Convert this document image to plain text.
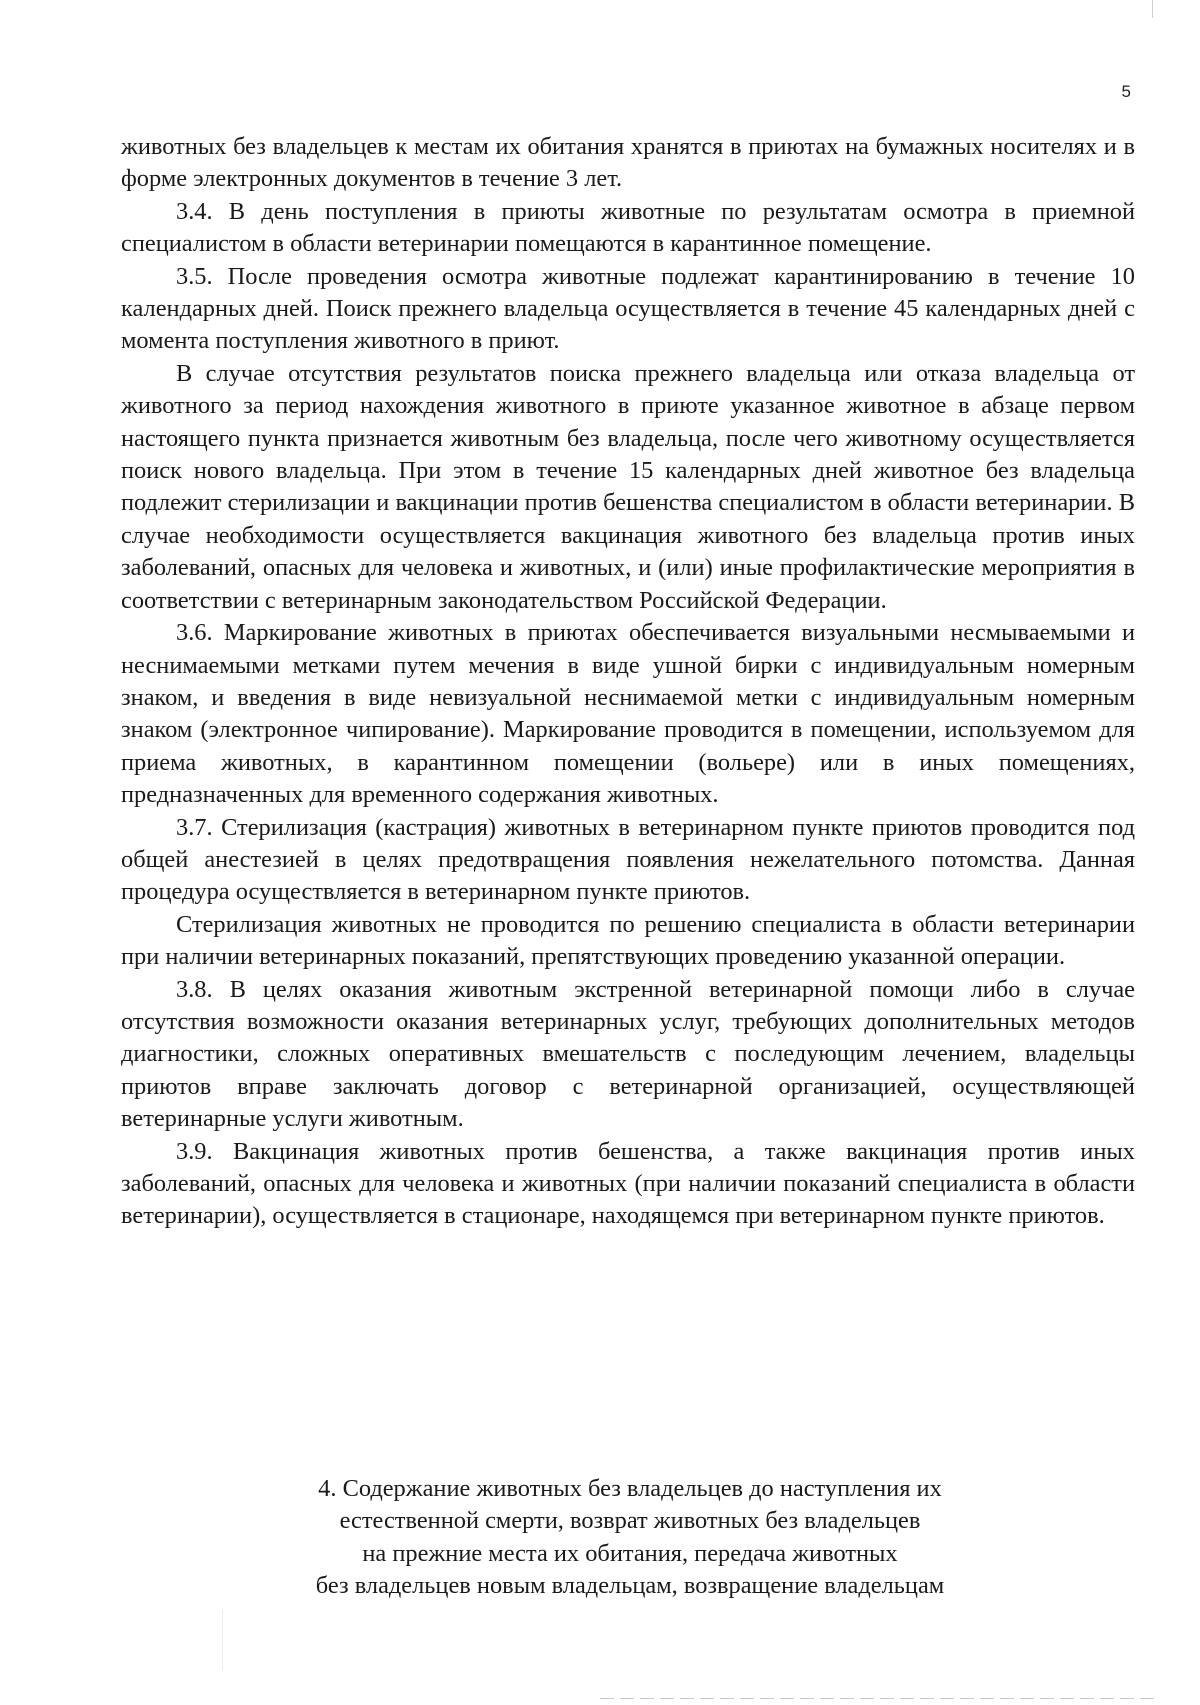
5

животных без владельцев к местам их обитания хранятся в приютах на бумажных носителях и в форме электронных документов в течение 3 лет.

3.4. В день поступления в приюты животные по результатам осмотра в приемной специалистом в области ветеринарии помещаются в карантинное помещение.

3.5. После проведения осмотра животные подлежат карантинированию в течение 10 календарных дней. Поиск прежнего владельца осуществляется в течение 45 календарных дней с момента поступления животного в приют.

В случае отсутствия результатов поиска прежнего владельца или отказа владельца от животного за период нахождения животного в приюте указанное животное в абзаце первом настоящего пункта признается животным без владельца, после чего животному осуществляется поиск нового владельца. При этом в течение 15 календарных дней животное без владельца подлежит стерилизации и вакцинации против бешенства специалистом в области ветеринарии. В случае необходимости осуществляется вакцинация животного без владельца против иных заболеваний, опасных для человека и животных, и (или) иные профилактические мероприятия в соответствии с ветеринарным законодательством Российской Федерации.

3.6. Маркирование животных в приютах обеспечивается визуальными несмываемыми и неснимаемыми метками путем мечения в виде ушной бирки с индивидуальным номерным знаком, и введения в виде невизуальной неснимаемой метки с индивидуальным номерным знаком (электронное чипирование). Маркирование проводится в помещении, используемом для приема животных, в карантинном помещении (вольере) или в иных помещениях, предназначенных для временного содержания животных.

3.7. Стерилизация (кастрация) животных в ветеринарном пункте приютов проводится под общей анестезией в целях предотвращения появления нежелательного потомства. Данная процедура осуществляется в ветеринарном пункте приютов.

Стерилизация животных не проводится по решению специалиста в области ветеринарии при наличии ветеринарных показаний, препятствующих проведению указанной операции.

3.8. В целях оказания животным экстренной ветеринарной помощи либо в случае отсутствия возможности оказания ветеринарных услуг, требующих дополнительных методов диагностики, сложных оперативных вмешательств с последующим лечением, владельцы приютов вправе заключать договор с ветеринарной организацией, осуществляющей ветеринарные услуги животным.

3.9. Вакцинация животных против бешенства, а также вакцинация против иных заболеваний, опасных для человека и животных (при наличии показаний специалиста в области ветеринарии), осуществляется в стационаре, находящемся при ветеринарном пункте приютов.

4. Содержание животных без владельцев до наступления их
естественной смерти, возврат животных без владельцев
на прежние места их обитания, передача животных
без владельцев новым владельцам, возвращение владельцам
